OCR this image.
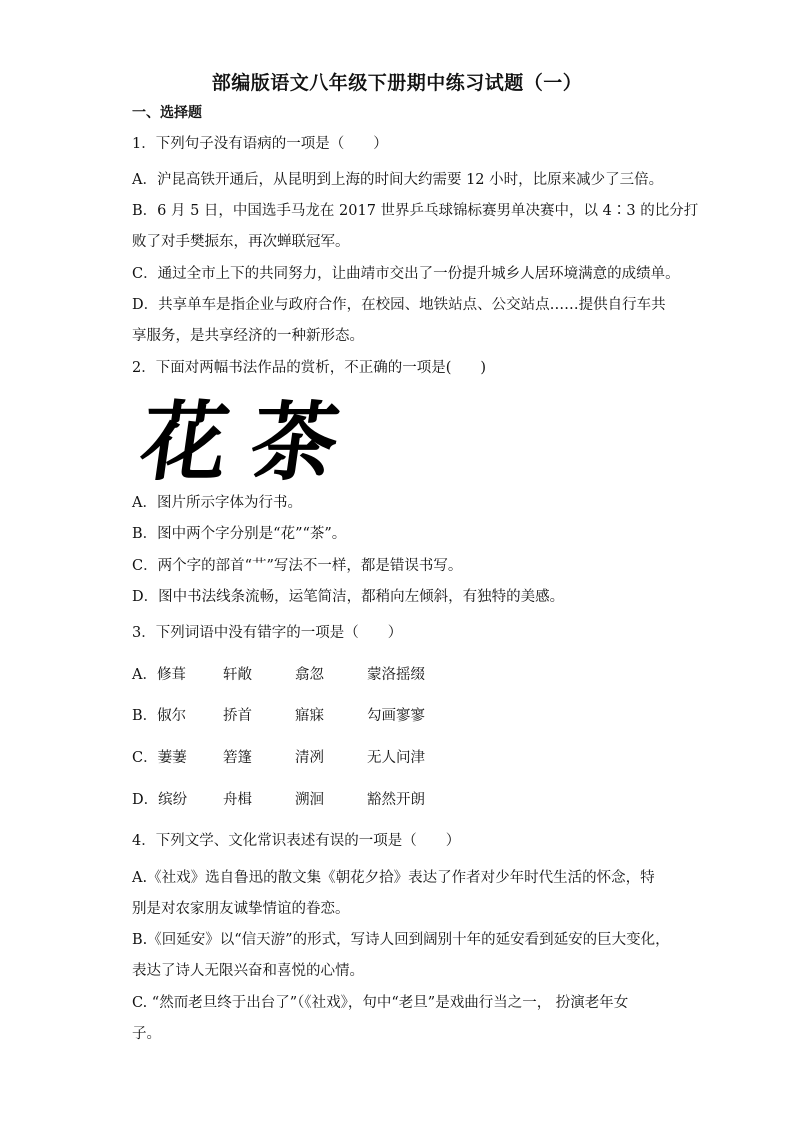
部编版语文八年级下册期中练习试题（一）
一、选择题
1．下列句子没有语病的一项是（　　）
A．沪昆高铁开通后，从昆明到上海的时间大约需要 12 小时，比原来减少了三倍。
B．6 月 5 日，中国选手马龙在 2017 世界乒乓球锦标赛男单决赛中，以 4∶3 的比分打
败了对手樊振东，再次蝉联冠军。
C．通过全市上下的共同努力，让曲靖市交出了一份提升城乡人居环境满意的成绩单。
D．共享单车是指企业与政府合作，在校园、地铁站点、公交站点……提供自行车共
享服务，是共享经济的一种新形态。
2．下面对两幅书法作品的赏析，不正确的一项是(　　)
花 茶
A．图片所示字体为行书。
B．图中两个字分别是“花”“茶”。
C．两个字的部首“艹”写法不一样，都是错误书写。
D．图中书法线条流畅，运笔简洁，都稍向左倾斜，有独特的美感。
3．下列词语中没有错字的一项是（　　）
A．修葺	轩敞	翕忽	蒙洛摇缀
B．俶尔	挢首	寤寐	勾画寥寥
C．萋萋	箬篷	清冽	无人问津
D．缤纷 舟楫	溯洄	豁然开朗
4．下列文学、文化常识表述有误的一项是（　　）
A.《社戏》选自鲁迅的散文集《朝花夕拾》表达了作者对少年时代生活的怀念，特
别是对农家朋友诚挚情谊的眷恋。
B.《回延安》以“信天游”的形式，写诗人回到阔别十年的延安看到延安的巨大变化，
表达了诗人无限兴奋和喜悦的心情。
C. “然而老旦终于出台了”（《社戏》，句中“老旦”是戏曲行当之一， 扮演老年女
子。
